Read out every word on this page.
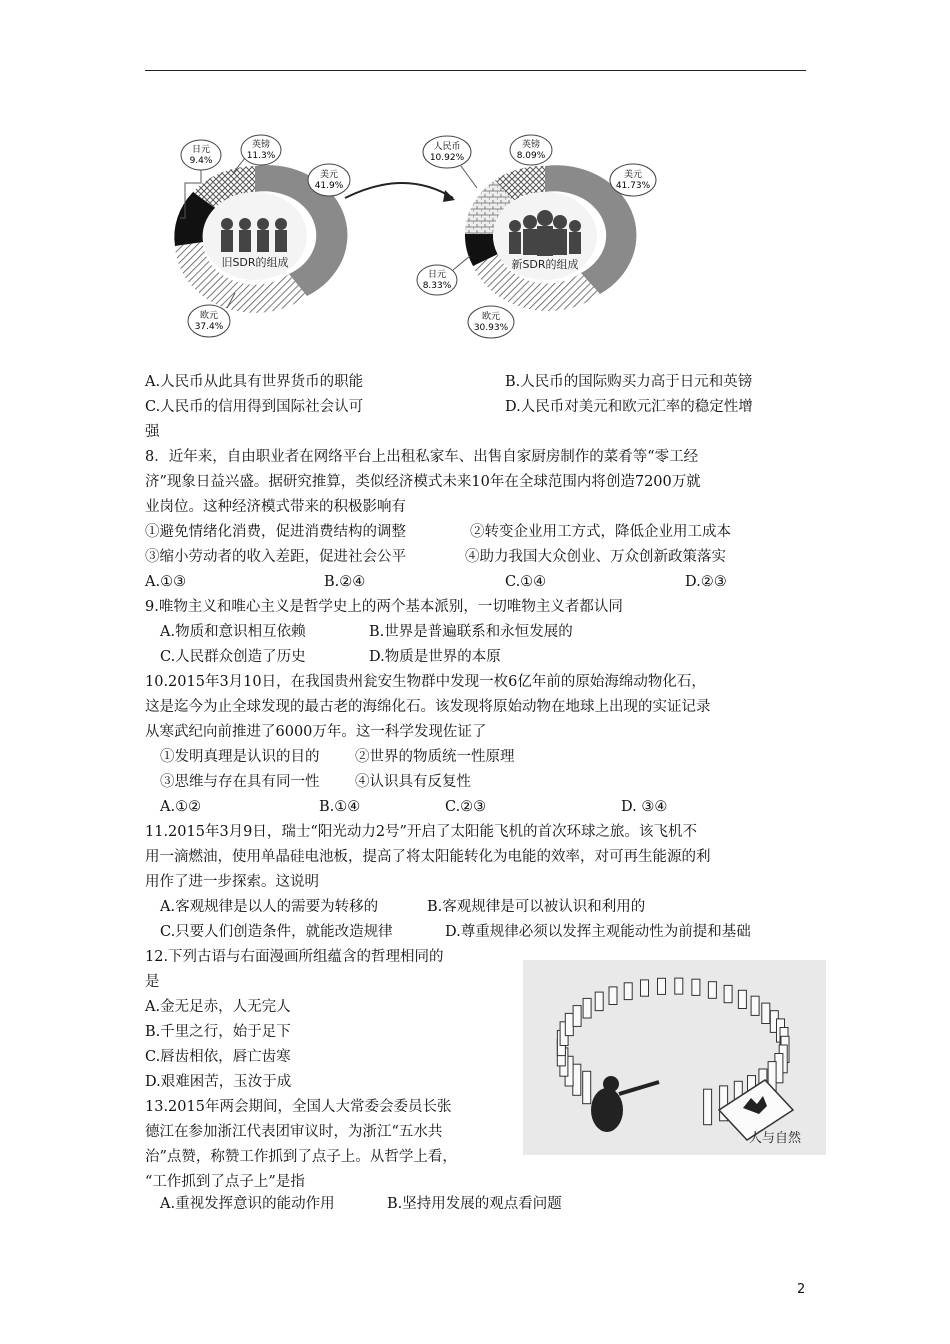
旧SDR的组成
日元
9.4%
英镑
11.3%
美元
41.9%
欧元
37.4%
新SDR的组成
人民币
10.92%
英镑
8.09%
美元
41.73%
日元
8.33%
欧元
30.93%
A.人民币从此具有世界货币的职能	B.人民币的国际购买力高于日元和英镑
C.人民币的信用得到国际社会认可	D.人民币对美元和欧元汇率的稳定性增
强
8．近年来，自由职业者在网络平台上出租私家车、出售自家厨房制作的菜肴等“零工经
济”现象日益兴盛。据研究推算，类似经济模式未来10年在全球范围内将创造7200万就
业岗位。这种经济模式带来的积极影响有
①避免情绪化消费，促进消费结构的调整	②转变企业用工方式，降低企业用工成本
③缩小劳动者的收入差距，促进社会公平	④助力我国大众创业、万众创新政策落实
A.①③	B.②④	C.①④	D.②③
9.唯物主义和唯心主义是哲学史上的两个基本派别，一切唯物主义者都认同
A.物质和意识相互依赖	B.世界是普遍联系和永恒发展的
C.人民群众创造了历史	D.物质是世界的本原
10.2015年3月10日，在我国贵州瓮安生物群中发现一枚6亿年前的原始海绵动物化石，
这是迄今为止全球发现的最古老的海绵化石。该发现将原始动物在地球上出现的实证记录
从寒武纪向前推进了6000万年。这一科学发现佐证了
①发明真理是认识的目的 ②世界的物质统一性原理
③思维与存在具有同一性 ④认识具有反复性
A.①②	B.①④	C.②③	D. ③④
11.2015年3月9日，瑞士“阳光动力2号”开启了太阳能飞机的首次环球之旅。该飞机不
用一滴燃油，使用单晶硅电池板，提高了将太阳能转化为电能的效率，对可再生能源的利
用作了进一步探索。这说明
A.客观规律是以人的需要为转移的	B.客观规律是可以被认识和利用的
C.只要人们创造条件，就能改造规律	D.尊重规律必须以发挥主观能动性为前提和基础
12.下列古语与右面漫画所组蕴含的哲理相同的
是
A.金无足赤，人无完人
B.千里之行，始于足下
C.唇齿相依，唇亡齿寒
D.艰难困苦，玉汝于成
13.2015年两会期间，全国人大常委会委员长张
德江在参加浙江代表团审议时，为浙江“五水共
治”点赞，称赞工作抓到了点子上。从哲学上看，
“工作抓到了点子上”是指
A.重视发挥意识的能动作用	B.坚持用发展的观点看问题
人与自然
2
